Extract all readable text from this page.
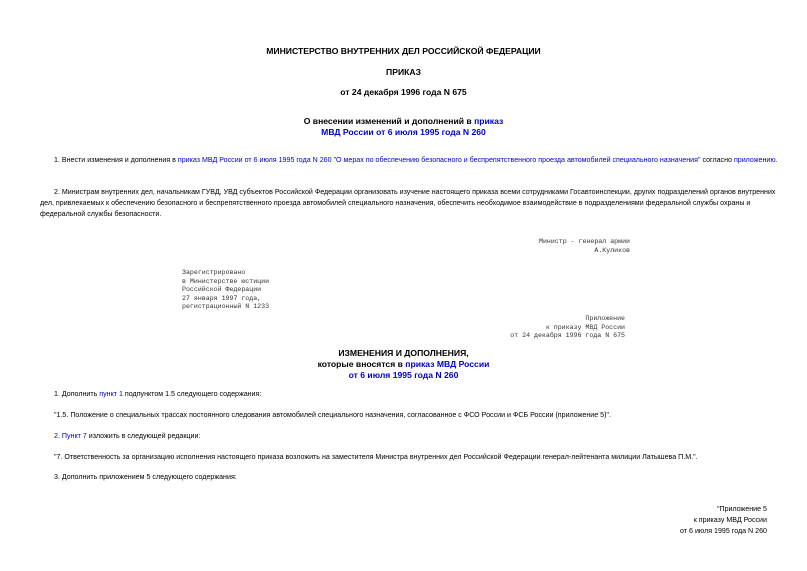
МИНИСТЕРСТВО ВНУТРЕННИХ ДЕЛ РОССИЙСКОЙ ФЕДЕРАЦИИ
ПРИКАЗ
от 24 декабря 1996 года N 675
О внесении изменений и дополнений в приказ
МВД России от 6 июля 1995 года N 260
1. Внести изменения и дополнения в приказ МВД России от 6 июля 1995 года N 260 "О мерах по обеспечению безопасного и беспрепятственного проезда автомобилей специального назначения" согласно приложению.
2. Министрам внутренних дел, начальникам ГУВД, УВД субъектов Российской Федерации организовать изучение настоящего приказа всеми сотрудниками Госавтоинспекции, других подразделений органов внутренних дел, привлекаемых к обеспечению безопасного и беспрепятственного проезда автомобилей специального назначения, обеспечить необходимое взаимодействие в подразделениями федеральной службы охраны и федеральной службы безопасности.
Министр - генерал армии
А.Куликов
Зарегистрировано
в Министерстве юстиции
Российской Федерации
27 января 1997 года,
регистрационный N 1233
Приложение
к приказу МВД России
от 24 декабря 1996 года N 675
ИЗМЕНЕНИЯ И ДОПОЛНЕНИЯ,
которые вносятся в приказ МВД России
от 6 июля 1995 года N 260
1. Дополнить пункт 1 подпунктом 1.5 следующего содержания:
"1.5. Положение о специальных трассах постоянного следования автомобилей специального назначения, согласованное с ФСО России и ФСБ России (приложение 5)".
2. Пункт 7 изложить в следующей редакции:
"7. Ответственность за организацию исполнения настоящего приказа возложить на заместителя Министра внутренних дел Российской Федерации генерал-лейтенанта милиции Латышева П.М.".
3. Дополнить приложением 5 следующего содержания:
"Приложение 5
к приказу МВД России
от 6 июля 1995 года N 260
